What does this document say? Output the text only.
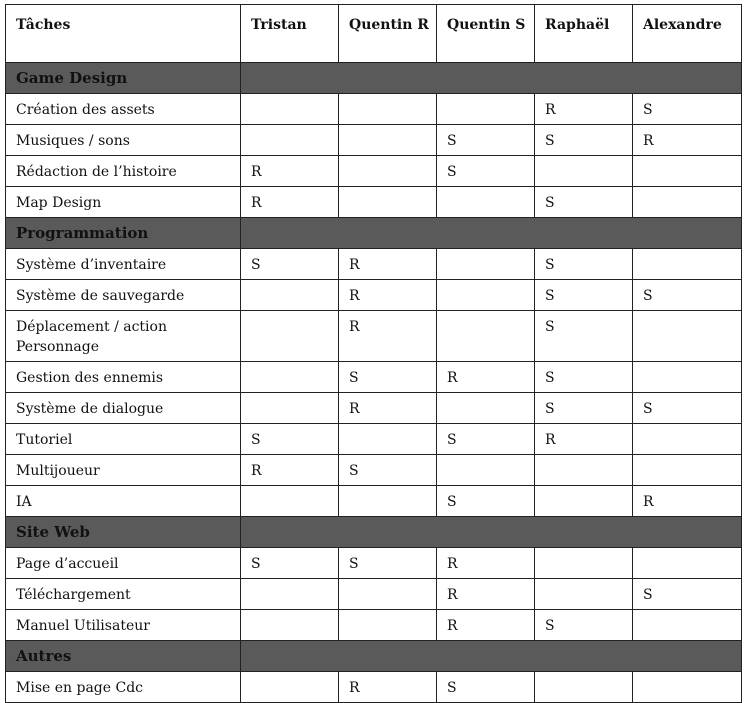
Tâches	Tristan	Quentin R	Quentin S	Raphaël	Alexandre
Game Design					
Création des assets				R	S
Musiques / sons			S	S	R
Rédaction de l’histoire	R		S		
Map Design	R			S	
Programmation					
Système d’inventaire	S	R		S	
Système de sauvegarde		R		S	S
Déplacement / action Personnage		R		S	
Gestion des ennemis		S	R	S	
Système de dialogue		R		S	S
Tutoriel	S		S	R	
Multijoueur	R	S			
IA			S		R
Site Web					
Page d’accueil	S	S	R		
Téléchargement			R		S
Manuel Utilisateur			R	S	
Autres					
Mise en page Cdc		R	S		
